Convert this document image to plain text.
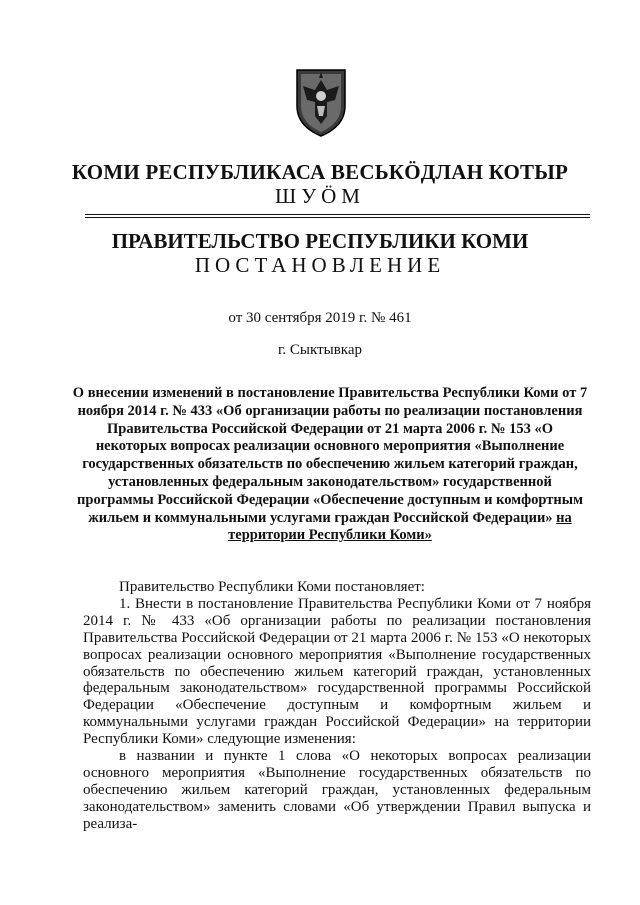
КОМИ РЕСПУБЛИКАСА ВЕСЬКӦДЛАН КОТЫР
ШУӦМ
ПРАВИТЕЛЬСТВО РЕСПУБЛИКИ КОМИ
ПОСТАНОВЛЕНИЕ
от 30 сентября 2019 г. № 461
г. Сыктывкар
О внесении изменений в постановление Правительства Республики Коми от 7 ноября 2014 г. № 433 «Об организации работы по реализации постановления Правительства Российской Федерации от 21 марта 2006 г. № 153 «О некоторых вопросах реализации основного мероприятия «Выполнение государственных обязательств по обеспечению жильем категорий граждан, установленных федеральным законодательством» государственной программы Российской Федерации «Обеспечение доступным и комфортным жильем и коммунальными услугами граждан Российской Федерации» на территории Республики Коми»

Правительство Республики Коми постановляет:

1. Внести в постановление Правительства Республики Коми от 7 ноября 2014 г. № 433 «Об организации работы по реализации постановления Правительства Российской Федерации от 21 марта 2006 г. № 153 «О некоторых вопросах реализации основного мероприятия «Выполнение государственных обязательств по обеспечению жильем категорий граждан, установленных федеральным законодательством» государственной программы Российской Федерации «Обеспечение доступным и комфортным жильем и коммунальными услугами граждан Российской Федерации» на территории Республики Коми» следующие изменения:

в названии и пункте 1 слова «О некоторых вопросах реализации основного мероприятия «Выполнение государственных обязательств по обеспечению жильем категорий граждан, установленных федеральным законодательством» заменить словами «Об утверждении Правил выпуска и реализа-
